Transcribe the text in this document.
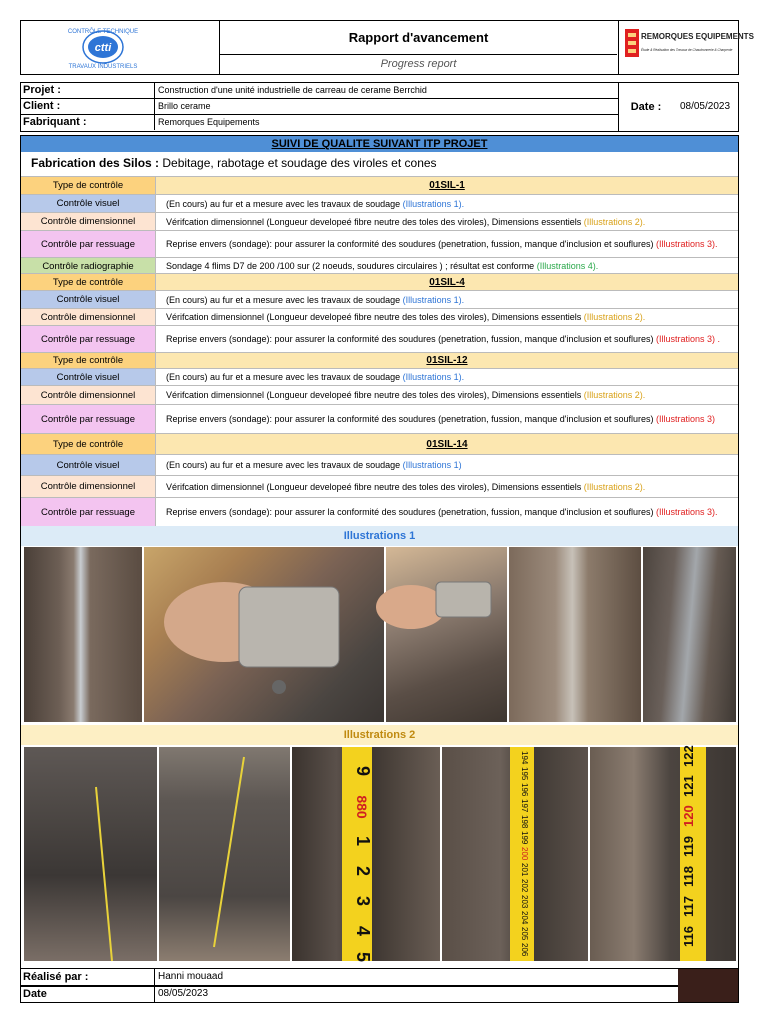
ctti
CONTRÔLE TECHNIQUE
TRAVAUX INDUSTRIELS
Rapport d'avancement
Progress report
REMORQUES EQUIPEMENTS
Étude & Réalisation des Travaux de Chaudronnerie & Charpente
Projet :	Construction d'une unité industrielle de carreau de cerame Berrchid
Client :	Brillo cerame
Fabriquant :	Remorques Equipements
Date :	08/05/2023
SUIVI DE QUALITE SUIVANT ITP PROJET
Fabrication des Silos : Debitage, rabotage et soudage des viroles et cones
Type de contrôle	01SIL-1
Contrôle visuel	(En cours) au fur et a mesure avec les travaux de soudage (Illustrations 1).
Contrôle dimensionnel	Vérifcation dimensionnel (Longueur developeé fibre neutre des toles des viroles), Dimensions essentiels (Illustrations 2).
Contrôle par ressuage	Reprise envers (sondage): pour assurer la conformité des soudures (penetration, fussion, manque d'inclusion et souflures) (Illustrations 3).
Contrôle radiographie	Sondage 4 flims D7 de 200 /100 sur (2 noeuds, soudures circulaires ) ; résultat est conforme (Illustrations 4).
Type de contrôle	01SIL-4
Contrôle visuel	(En cours) au fur et a mesure avec les travaux de soudage (Illustrations 1).
Contrôle dimensionnel	Vérifcation dimensionnel (Longueur developeé fibre neutre des toles des viroles), Dimensions essentiels (Illustrations 2).
Contrôle par ressuage	Reprise envers (sondage): pour assurer la conformité des soudures (penetration, fussion, manque d'inclusion et souflures) (Illustrations 3) .
Type de contrôle	01SIL-12
Contrôle visuel	(En cours) au fur et a mesure avec les travaux de soudage (Illustrations 1).
Contrôle dimensionnel	Vérifcation dimensionnel (Longueur developeé fibre neutre des toles des viroles), Dimensions essentiels (Illustrations 2).
Contrôle par ressuage	Reprise envers (sondage): pour assurer la conformité des soudures (penetration, fussion, manque d'inclusion et souflures) (Illustrations 3)
Type de contrôle	01SIL-14
Contrôle visuel	(En cours) au fur et a mesure avec les travaux de soudage (Illustrations 1)
Contrôle dimensionnel	Vérifcation dimensionnel (Longueur developeé fibre neutre des toles des viroles), Dimensions essentiels (Illustrations 2).
Contrôle par ressuage	Reprise envers (sondage): pour assurer la conformité des soudures (penetration, fussion, manque d'inclusion et souflures) (Illustrations 3).
Illustrations 1
Illustrations 2
9
880
1
2
3
4
5
194
195
196
197
198
199
200
201
202
203
204
205
206
116
117
118
119
120
121
122
Réalisé par :	Hanni mouaad
Date	08/05/2023
